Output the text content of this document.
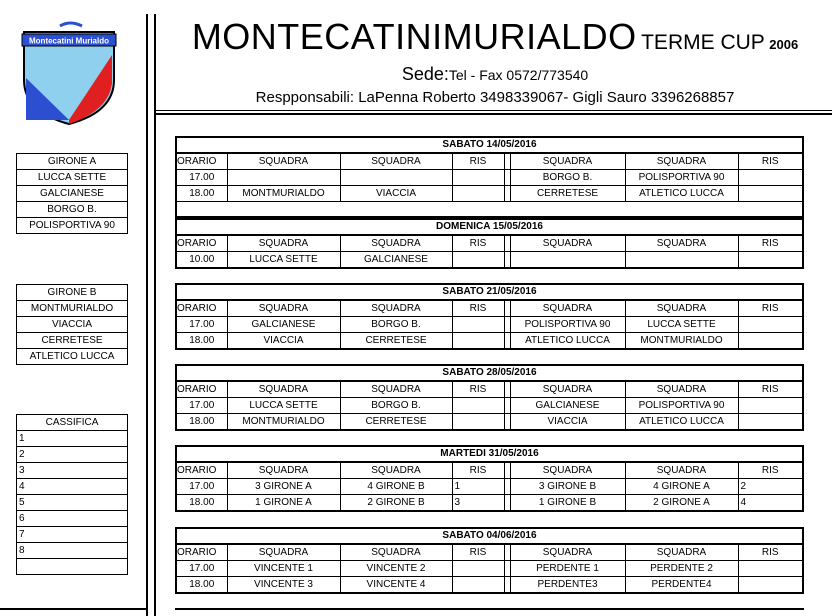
Montecatini Murialdo	MONTECATINIMURIALDO TERME CUP 2006
Sede:Tel - Fax 0572/773540
Respponsabili: LaPenna Roberto 3498339067- Gigli Sauro 3396268857
GIRONE A
LUCCA SETTE
GALCIANESE
BORGO B.
POLISPORTIVA 90
GIRONE B
MONTMURIALDO
VIACCIA
CERRETESE
ATLETICO LUCCA
CASSIFICA
1
2
3
4
5
6
7
8
SABATO 14/05/2016
ORARIO	SQUADRA	SQUADRA	RIS		SQUADRA	SQUADRA	RIS
17.00					BORGO B.	POLISPORTIVA 90	
18.00	MONTMURIALDO	VIACCIA			CERRETESE	ATLETICO LUCCA	
DOMENICA 15/05/2016
ORARIO	SQUADRA	SQUADRA	RIS		SQUADRA	SQUADRA	RIS
10.00	LUCCA SETTE	GALCIANESE					
SABATO 21/05/2016
ORARIO	SQUADRA	SQUADRA	RIS		SQUADRA	SQUADRA	RIS
17.00	GALCIANESE	BORGO B.			POLISPORTIVA 90	LUCCA SETTE	
18.00	VIACCIA	CERRETESE			ATLETICO LUCCA	MONTMURIALDO	
SABATO 28/05/2016
ORARIO	SQUADRA	SQUADRA	RIS		SQUADRA	SQUADRA	RIS
17.00	LUCCA SETTE	BORGO B.			GALCIANESE	POLISPORTIVA 90	
18.00	MONTMURIALDO	CERRETESE			VIACCIA	ATLETICO LUCCA	
MARTEDI 31/05/2016
ORARIO	SQUADRA	SQUADRA	RIS		SQUADRA	SQUADRA	RIS
17.00	3 GIRONE A	4 GIRONE B	1		3 GIRONE B	4 GIRONE A	2
18.00	1 GIRONE A	2 GIRONE B	3		1 GIRONE B	2 GIRONE A	4
SABATO 04/06/2016
ORARIO	SQUADRA	SQUADRA	RIS		SQUADRA	SQUADRA	RIS
17.00	VINCENTE 1	VINCENTE 2			PERDENTE 1	PERDENTE 2	
18.00	VINCENTE 3	VINCENTE 4			PERDENTE3	PERDENTE4	
